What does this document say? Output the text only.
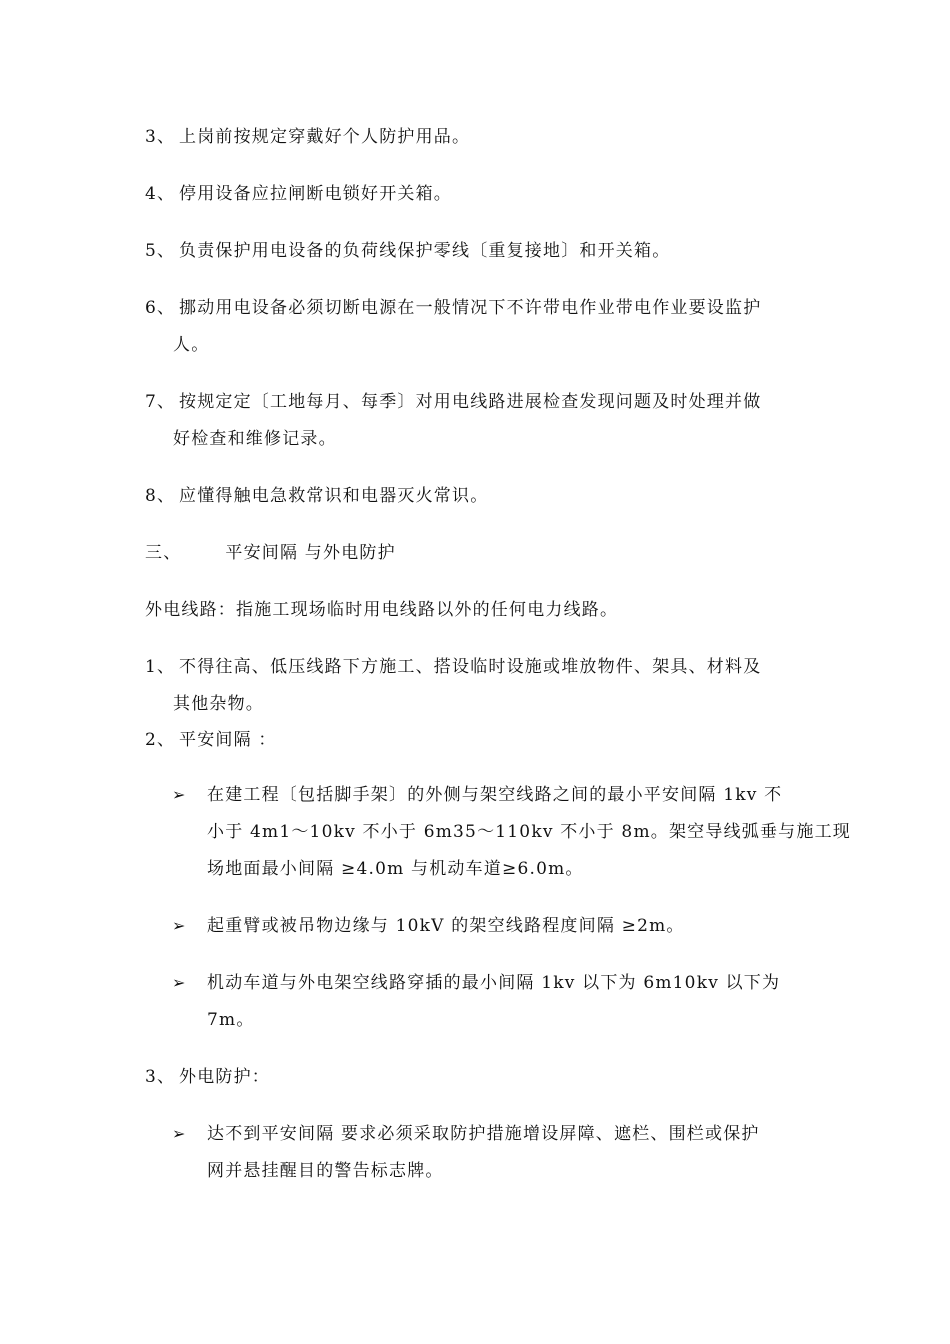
3、 上岗前按规定穿戴好个人防护用品。
4、 停用设备应拉闸断电锁好开关箱。
5、 负责保护用电设备的负荷线保护零线〔重复接地〕和开关箱。
6、 挪动用电设备必须切断电源在一般情况下不许带电作业带电作业要设监护
人。
7、 按规定定〔工地每月、每季〕对用电线路进展检查发现问题及时处理并做
好检查和维修记录。
8、 应懂得触电急救常识和电器灭火常识。
三、	平安间隔 与外电防护
外电线路：指施工现场临时用电线路以外的任何电力线路。
1、 不得往高、低压线路下方施工、搭设临时设施或堆放物件、架具、材料及
其他杂物。
2、 平安间隔 ：
➢ 在建工程〔包括脚手架〕的外侧与架空线路之间的最小平安间隔 1kv 不
小于 4m1～10kv 不小于 6m35～110kv 不小于 8m。架空导线弧垂与施工现
场地面最小间隔 ≥4.0m 与机动车道≥6.0m。
➢ 起重臂或被吊物边缘与 10kV 的架空线路程度间隔 ≥2m。
➢ 机动车道与外电架空线路穿插的最小间隔 1kv 以下为 6m10kv 以下为
7m。
3、 外电防护：
➢ 达不到平安间隔 要求必须采取防护措施增设屏障、遮栏、围栏或保护
网并悬挂醒目的警告标志牌。
